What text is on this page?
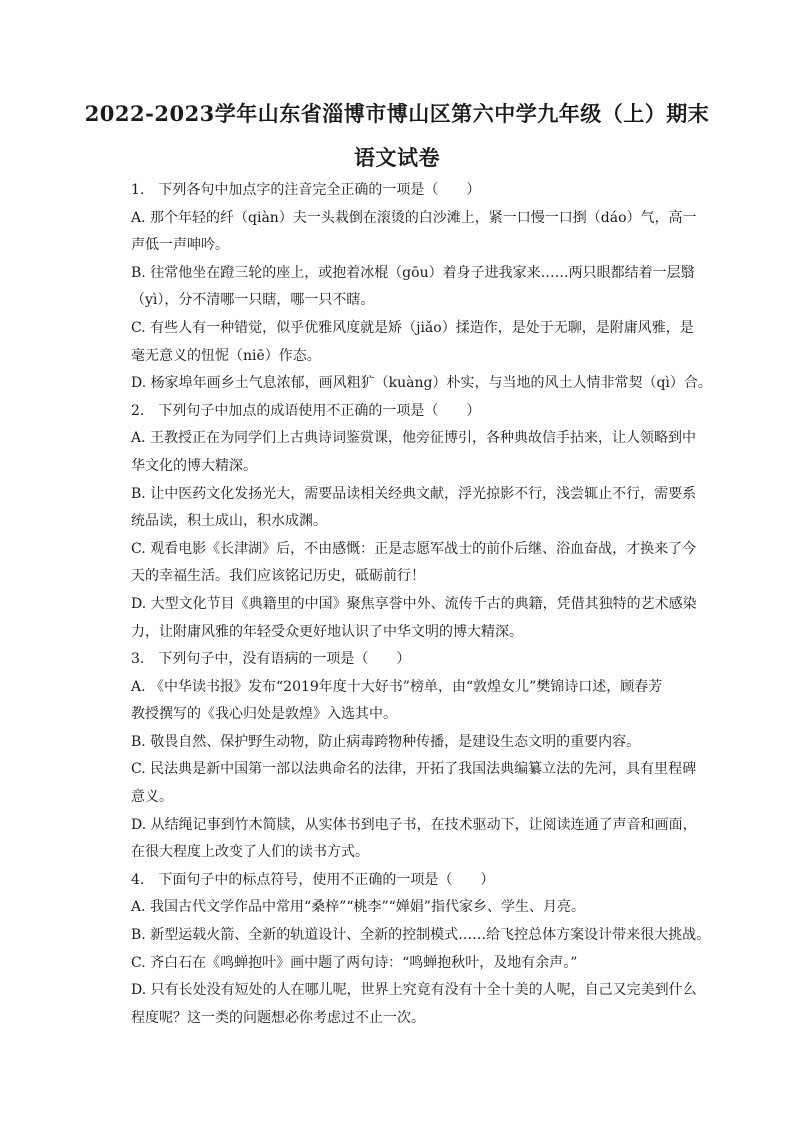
2022-2023学年山东省淄博市博山区第六中学九年级（上）期末
语文试卷
1.　下列各句中加点字的注音完全正确的一项是（　　）
A. 那个年轻的纤（qiàn）夫一头栽倒在滚烫的白沙滩上，紧一口慢一口捯（dáo）气，高一
声低一声呻吟。
B. 往常他坐在蹬三轮的座上，或抱着冰棍（gōu）着身子进我家来……两只眼都结着一层翳
（yì），分不清哪一只瞎，哪一只不瞎。
C. 有些人有一种错觉，似乎优雅风度就是矫（jiǎo）揉造作，是处于无聊，是附庸风雅，是
毫无意义的忸怩（niē）作态。
D. 杨家埠年画乡土气息浓郁，画风粗犷（kuàng）朴实，与当地的风土人情非常契（qì）合。
2.　下列句子中加点的成语使用不正确的一项是（　　）
A. 王教授正在为同学们上古典诗词鉴赏课，他旁征博引，各种典故信手拈来，让人领略到中
华文化的博大精深。
B. 让中医药文化发扬光大，需要品读相关经典文献，浮光掠影不行，浅尝辄止不行，需要系
统品读，积土成山，积水成渊。
C. 观看电影《长津湖》后，不由感慨：正是志愿军战士的前仆后继、浴血奋战，才换来了今
天的幸福生活。我们应该铭记历史，砥砺前行！
D. 大型文化节目《典籍里的中国》聚焦享誉中外、流传千古的典籍，凭借其独特的艺术感染
力，让附庸风雅的年轻受众更好地认识了中华文明的博大精深。
3.　下列句子中，没有语病的一项是（　　）
A. 《中华读书报》发布“2019年度十大好书”榜单，由“敦煌女儿”樊锦诗口述，顾春芳
教授撰写的《我心归处是敦煌》入选其中。
B. 敬畏自然、保护野生动物，防止病毒跨物种传播，是建设生态文明的重要内容。
C. 民法典是新中国第一部以法典命名的法律，开拓了我国法典编纂立法的先河，具有里程碑
意义。
D. 从结绳记事到竹木简牍，从实体书到电子书，在技术驱动下，让阅读连通了声音和画面，
在很大程度上改变了人们的读书方式。
4.　下面句子中的标点符号，使用不正确的一项是（　　）
A. 我国古代文学作品中常用“桑梓”“桃李”“婵娟”指代家乡、学生、月亮。
B. 新型运载火箭、全新的轨道设计、全新的控制模式……给飞控总体方案设计带来很大挑战。
C. 齐白石在《鸣蝉抱叶》画中题了两句诗：“鸣蝉抱秋叶，及地有余声。”
D. 只有长处没有短处的人在哪儿呢，世界上究竟有没有十全十美的人呢，自己又完美到什么
程度呢？这一类的问题想必你考虑过不止一次。
